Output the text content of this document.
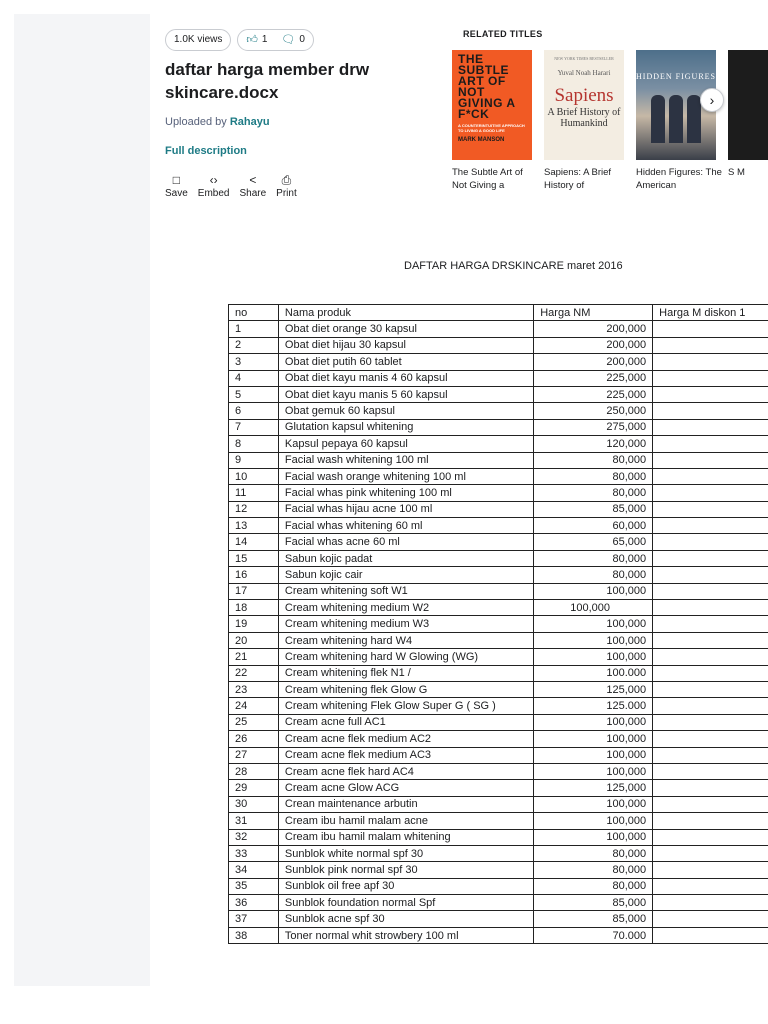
1.0K views 👍︎ 1 🗨︎ 0
daftar harga member drw skincare.docx
Uploaded by Rahayu
Full description
□
Save
‹›
Embed
<
Share
⎙
Print
RELATED TITLES
THE SUBTLE ART OF NOT GIVING A F*CK
A COUNTERINTUITIVE APPROACH TO LIVING A GOOD LIFE
MARK MANSON
The Subtle Art of Not Giving a
NEW YORK TIMES BESTSELLER
Yuval Noah Harari
Sapiens
A Brief History of Humankind
Sapiens: A Brief History of
HIDDEN FIGURES
Hidden Figures: The American
S M
›
DAFTAR HARGA DRSKINCARE maret 2016
no	Nama produk	Harga NM	Harga M diskon 1
1	Obat diet orange 30 kapsul	200,000	
2	Obat diet hijau 30 kapsul	200,000	
3	Obat diet putih 60 tablet	200,000	
4	Obat diet kayu manis 4 60 kapsul	225,000	
5	Obat diet kayu manis 5 60 kapsul	225,000	
6	Obat gemuk 60 kapsul	250,000	
7	Glutation kapsul whitening	275,000	
8	Kapsul pepaya 60 kapsul	120,000	
9	Facial wash whitening 100 ml	80,000	
10	Facial wash orange whitening 100 ml	80,000	
11	Facial whas pink whitening 100 ml	80,000	
12	Facial whas hijau acne 100 ml	85,000	
13	Facial whas whitening 60 ml	60,000	
14	Facial whas acne 60 ml	65,000	
15	Sabun kojic padat	80,000	
16	Sabun kojic cair	80,000	
17	Cream whitening soft W1	100,000	
18	Cream whitening medium W2	100,000	
19	Cream whitening medium W3	100,000	
20	Cream whitening hard W4	100,000	
21	Cream whitening hard W Glowing (WG)	100,000	
22	Cream whitening flek N1 /	100.000	
23	Cream whitening flek Glow G	125,000	
24	Cream whitening Flek Glow Super G ( SG )	125.000	
25	Cream acne full AC1	100,000	
26	Cream acne flek medium AC2	100,000	
27	Cream acne flek medium AC3	100,000	
28	Cream acne flek hard AC4	100,000	
29	Cream acne Glow ACG	125,000	
30	Crean maintenance arbutin	100,000	
31	Cream ibu hamil malam acne	100,000	
32	Cream ibu hamil malam whitening	100,000	
33	Sunblok white normal spf 30	80,000	
34	Sunblok pink normal spf 30	80,000	
35	Sunblok oil free apf 30	80,000	
36	Sunblok foundation normal Spf	85,000	
37	Sunblok acne spf 30	85,000	
38	Toner normal whit strowbery 100 ml	70.000	
